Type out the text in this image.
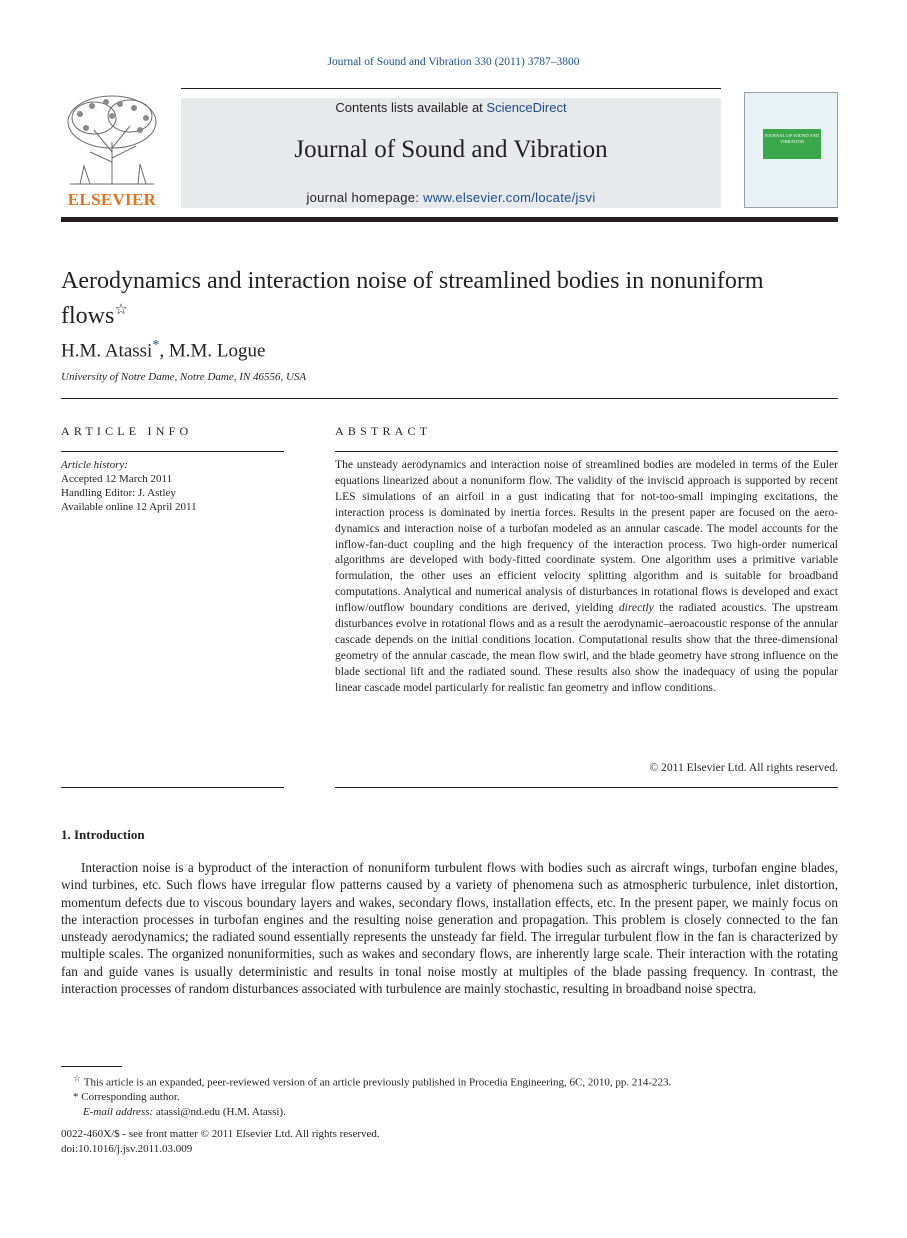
Journal of Sound and Vibration 330 (2011) 3787–3800
ELSEVIER
Contents lists available at ScienceDirect
Journal of Sound and Vibration
journal homepage: www.elsevier.com/locate/jsvi
JOURNAL OF SOUND AND VIBRATION
Aerodynamics and interaction noise of streamlined bodies in nonuniform flows☆
H.M. Atassi*, M.M. Logue
University of Notre Dame, Notre Dame, IN 46556, USA
ARTICLE INFO	ABSTRACT
Article history:
Accepted 12 March 2011
Handling Editor: J. Astley
Available online 12 April 2011
The unsteady aerodynamics and interaction noise of streamlined bodies are modeled in terms of the Euler equations linearized about a nonuniform flow. The validity of the inviscid approach is supported by recent LES simulations of an airfoil in a gust indicating that for not-too-small impinging excitations, the interaction process is dominated by inertia forces. Results in the present paper are focused on the aerodynamics and interaction noise of a turbofan modeled as an annular cascade. The model accounts for the inflow-fan-duct coupling and the high frequency of the interaction process. Two high-order numerical algorithms are developed with body-fitted coordinate system. One algorithm uses a primitive variable formulation, the other uses an efficient velocity splitting algorithm and is suitable for broadband computations. Analytical and numerical analysis of disturbances in rotational flows is developed and exact inflow/outflow boundary conditions are derived, yielding directly the radiated acoustics. The upstream disturbances evolve in rotational flows and as a result the aerodynamic–aeroacoustic response of the annular cascade depends on the initial conditions location. Computational results show that the three-dimensional geometry of the annular cascade, the mean flow swirl, and the blade geometry have strong influence on the blade sectional lift and the radiated sound. These results also show the inadequacy of using the popular linear cascade model particularly for realistic fan geometry and inflow conditions.
© 2011 Elsevier Ltd. All rights reserved.
1. Introduction
Interaction noise is a byproduct of the interaction of nonuniform turbulent flows with bodies such as aircraft wings, turbofan engine blades, wind turbines, etc. Such flows have irregular flow patterns caused by a variety of phenomena such as atmospheric turbulence, inlet distortion, momentum defects due to viscous boundary layers and wakes, secondary flows, installation effects, etc. In the present paper, we mainly focus on the interaction processes in turbofan engines and the resulting noise generation and propagation. This problem is closely connected to the fan unsteady aerodynamics; the radiated sound essentially represents the unsteady far field. The irregular turbulent flow in the fan is characterized by multiple scales. The organized nonuniformities, such as wakes and secondary flows, are inherently large scale. Their interaction with the rotating fan and guide vanes is usually deterministic and results in tonal noise mostly at multiples of the blade passing frequency. In contrast, the interaction processes of random disturbances associated with turbulence are mainly stochastic, resulting in broadband noise spectra.
☆ This article is an expanded, peer-reviewed version of an article previously published in Procedia Engineering, 6C, 2010, pp. 214-223.
* Corresponding author.
E-mail address: atassi@nd.edu (H.M. Atassi).
0022-460X/$ - see front matter © 2011 Elsevier Ltd. All rights reserved.
doi:10.1016/j.jsv.2011.03.009
